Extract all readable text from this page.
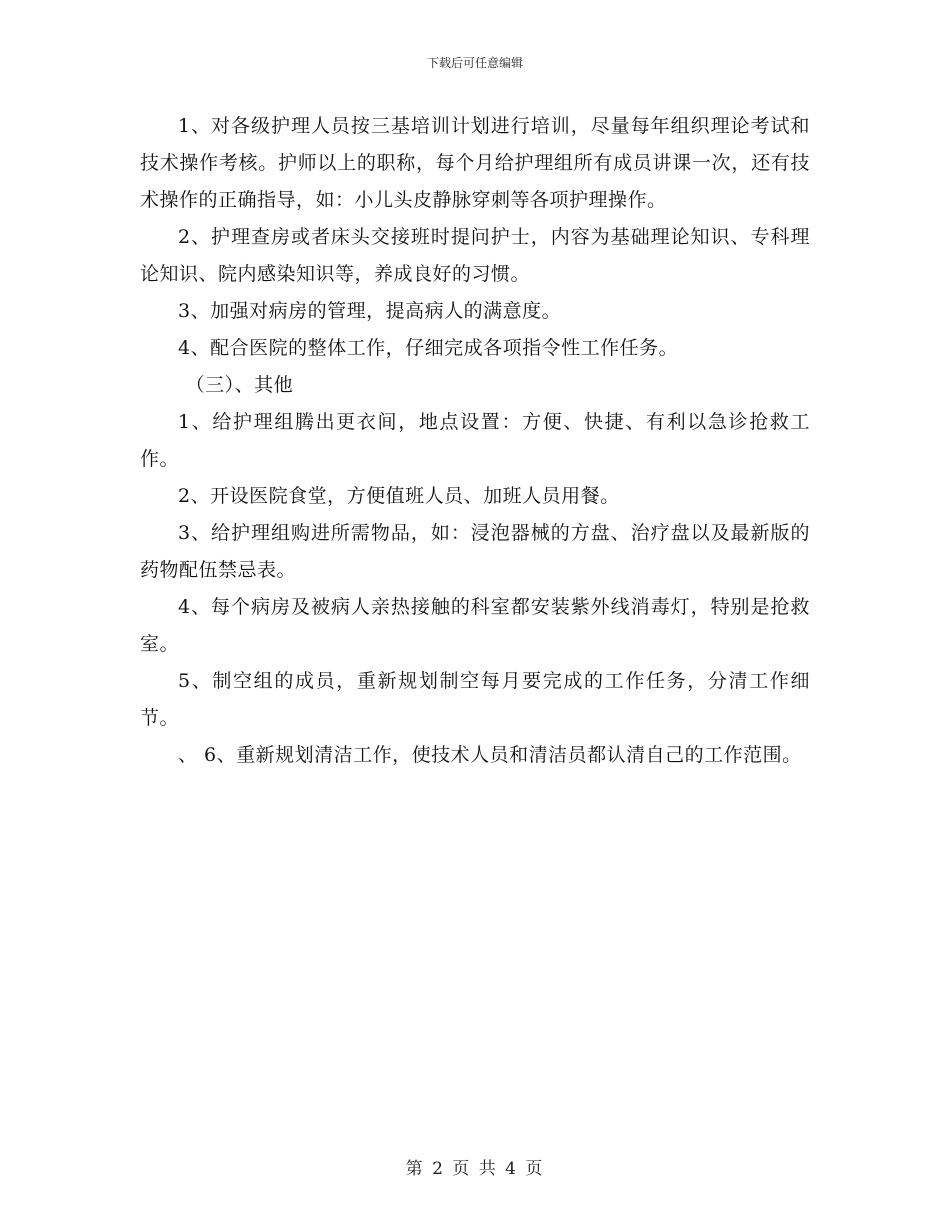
下载后可任意编辑

1、对各级护理人员按三基培训计划进行培训，尽量每年组织理论考试和技术操作考核。护师以上的职称，每个月给护理组所有成员讲课一次，还有技术操作的正确指导，如：小儿头皮静脉穿刺等各项护理操作。

2、护理查房或者床头交接班时提问护士，内容为基础理论知识、专科理论知识、院内感染知识等，养成良好的习惯。

3、加强对病房的管理，提高病人的满意度。

4、配合医院的整体工作，仔细完成各项指令性工作任务。

（三）、其他

1、给护理组腾出更衣间，地点设置：方便、快捷、有利以急诊抢救工作。

2、开设医院食堂，方便值班人员、加班人员用餐。

3、给护理组购进所需物品，如：浸泡器械的方盘、治疗盘以及最新版的药物配伍禁忌表。

4、每个病房及被病人亲热接触的科室都安装紫外线消毒灯，特别是抢救室。

5、制空组的成员，重新规划制空每月要完成的工作任务，分清工作细节。

、 6、重新规划清洁工作，使技术人员和清洁员都认清自己的工作范围。

第 2 页 共 4 页
